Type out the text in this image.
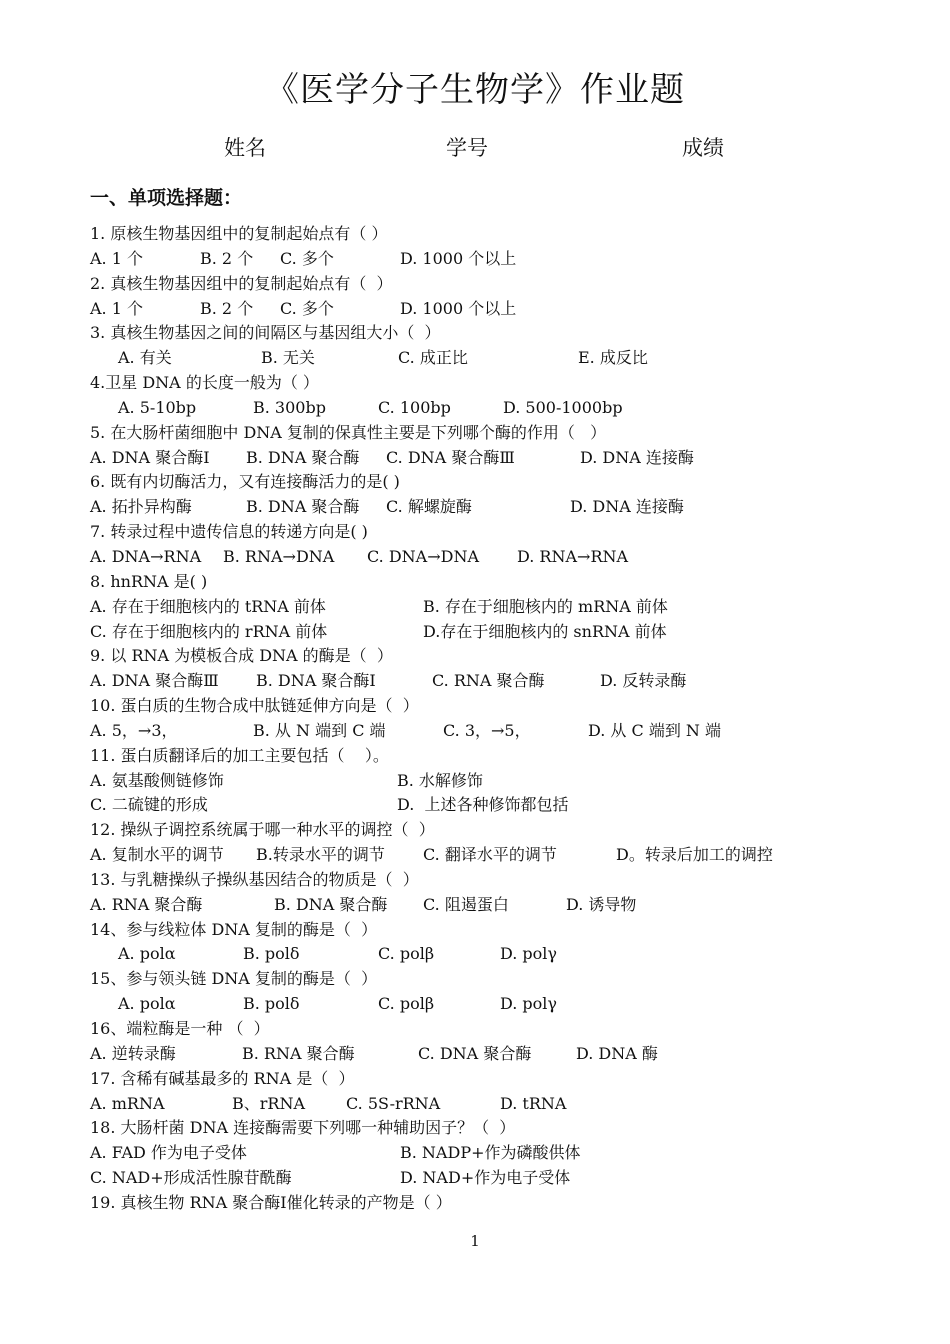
《医学分子生物学》作业题
姓名	学号	成绩
一、单项选择题：
1. 原核生物基因组中的复制起始点有（ ）
A. 1 个	B. 2 个 C. 多个	D. 1000 个以上
2. 真核生物基因组中的复制起始点有（  ）
A. 1 个	B. 2 个 C. 多个	D. 1000 个以上
3. 真核生物基因之间的间隔区与基因组大小（  ）
A. 有关	B. 无关	C. 成正比	E. 成反比
4.卫星 DNA 的长度一般为（ ）
A. 5-10bp	B. 300bp	C. 100bp	D. 500-1000bp
5. 在大肠杆菌细胞中 DNA 复制的保真性主要是下列哪个酶的作用（   ）
A. DNA 聚合酶Ⅰ B. DNA 聚合酶 C. DNA 聚合酶Ⅲ	D. DNA 连接酶
6. 既有内切酶活力，又有连接酶活力的是( )
A. 拓扑异构酶	B. DNA 聚合酶 C. 解螺旋酶	D. DNA 连接酶
7. 转录过程中遗传信息的转递方向是( )
A. DNA→RNA B. RNA→DNA C. DNA→DNA D. RNA→RNA
8. hnRNA 是( )
A. 存在于细胞核内的 tRNA 前体	B. 存在于细胞核内的 mRNA 前体
C. 存在于细胞核内的 rRNA 前体	D.存在于细胞核内的 snRNA 前体
9. 以 RNA 为模板合成 DNA 的酶是（  ）
A. DNA 聚合酶Ⅲ B. DNA 聚合酶Ⅰ	C. RNA 聚合酶	D. 反转录酶
10. 蛋白质的生物合成中肽链延伸方向是（  ）
A. 5，→3，	B. 从 N 端到 C 端	C. 3，→5，	D. 从 C 端到 N 端
11. 蛋白质翻译后的加工主要包括（    ）。
A. 氨基酸侧链修饰	B. 水解修饰
C. 二硫键的形成	D.  上述各种修饰都包括
12. 操纵子调控系统属于哪一种水平的调控（  ）
A. 复制水平的调节 B.转录水平的调节 C. 翻译水平的调节	D。转录后加工的调控
13. 与乳糖操纵子操纵基因结合的物质是（  ）
A. RNA 聚合酶	B. DNA 聚合酶 C. 阻遏蛋白	D. 诱导物
14、参与线粒体 DNA 复制的酶是（  ）
A. polα	B. polδ	C. polβ	D. polγ
15、参与领头链 DNA 复制的酶是（  ）
A. polα	B. polδ	C. polβ	D. polγ
16、端粒酶是一种 （  ）
A. 逆转录酶	B. RNA 聚合酶	C. DNA 聚合酶	D. DNA 酶
17. 含稀有碱基最多的 RNA 是（  ）
A. mRNA	B、rRNA	C. 5S-rRNA	D. tRNA
18. 大肠杆菌 DNA 连接酶需要下列哪一种辅助因子？（  ）
A. FAD 作为电子受体	B. NADP+作为磷酸供体
C. NAD+形成活性腺苷酰酶	D. NAD+作为电子受体
19. 真核生物 RNA 聚合酶Ⅰ催化转录的产物是（ ）
1
